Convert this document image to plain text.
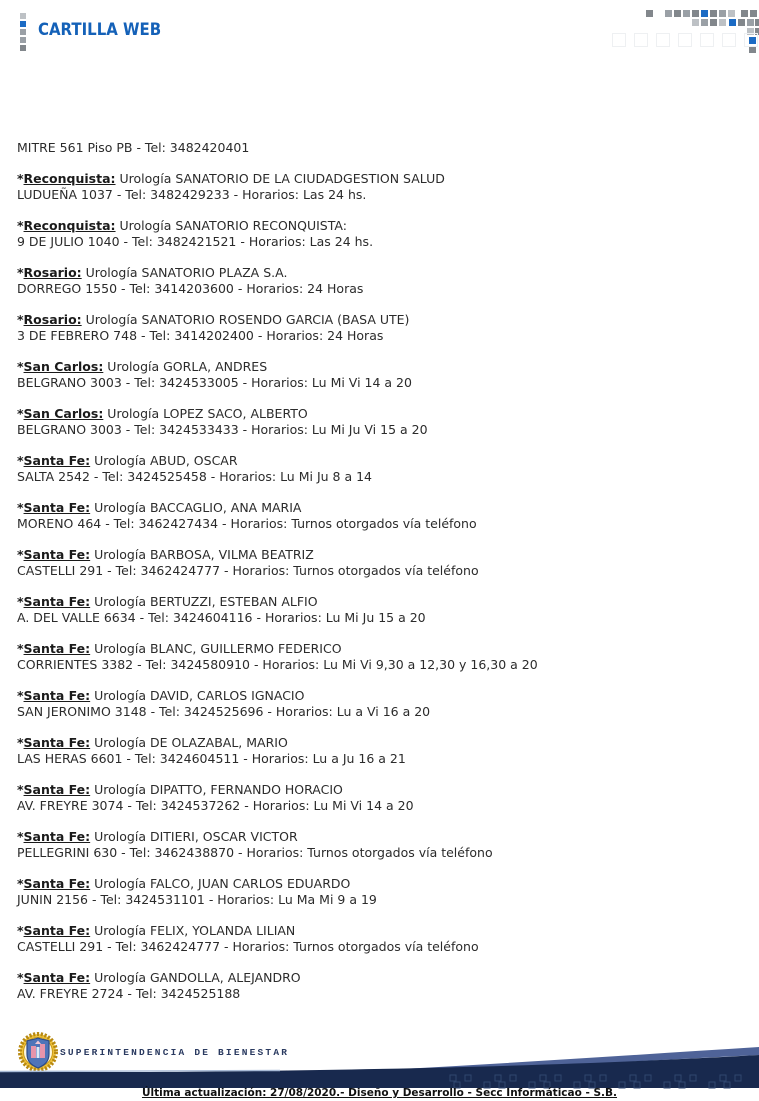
CARTILLA WEB

MITRE 561 Piso PB - Tel: 3482420401

*Reconquista: Urología SANATORIO DE LA CIUDADGESTION SALUD
LUDUEÑA 1037 - Tel: 3482429233 - Horarios: Las 24 hs.

*Reconquista: Urología SANATORIO RECONQUISTA:
9 DE JULIO 1040 - Tel: 3482421521 - Horarios: Las 24 hs.

*Rosario: Urología SANATORIO PLAZA S.A.
DORREGO 1550 - Tel: 3414203600 - Horarios: 24 Horas

*Rosario: Urología SANATORIO ROSENDO GARCIA (BASA UTE)
3 DE FEBRERO 748 - Tel: 3414202400 - Horarios: 24 Horas

*San Carlos: Urología GORLA, ANDRES
BELGRANO 3003 - Tel: 3424533005 - Horarios: Lu Mi Vi 14 a 20

*San Carlos: Urología LOPEZ SACO, ALBERTO
BELGRANO 3003 - Tel: 3424533433 - Horarios: Lu Mi Ju Vi 15 a 20

*Santa Fe: Urología ABUD, OSCAR
SALTA 2542 - Tel: 3424525458 - Horarios: Lu Mi Ju 8 a 14

*Santa Fe: Urología BACCAGLIO, ANA MARIA
MORENO 464 - Tel: 3462427434 - Horarios: Turnos otorgados vía teléfono

*Santa Fe: Urología BARBOSA, VILMA BEATRIZ
CASTELLI 291 - Tel: 3462424777 - Horarios: Turnos otorgados vía teléfono

*Santa Fe: Urología BERTUZZI, ESTEBAN ALFIO
A. DEL VALLE 6634 - Tel: 3424604116 - Horarios: Lu Mi Ju 15 a 20

*Santa Fe: Urología BLANC, GUILLERMO FEDERICO
CORRIENTES 3382 - Tel: 3424580910 - Horarios: Lu Mi Vi 9,30 a 12,30 y 16,30 a 20

*Santa Fe: Urología DAVID, CARLOS IGNACIO
SAN JERONIMO 3148 - Tel: 3424525696 - Horarios: Lu a Vi 16 a 20

*Santa Fe: Urología DE OLAZABAL, MARIO
LAS HERAS 6601 - Tel: 3424604511 - Horarios: Lu a Ju 16 a 21

*Santa Fe: Urología DIPATTO, FERNANDO HORACIO
AV. FREYRE 3074 - Tel: 3424537262 - Horarios: Lu Mi Vi 14 a 20

*Santa Fe: Urología DITIERI, OSCAR VICTOR
PELLEGRINI 630 - Tel: 3462438870 - Horarios: Turnos otorgados vía teléfono

*Santa Fe: Urología FALCO, JUAN CARLOS EDUARDO
JUNIN 2156 - Tel: 3424531101 - Horarios: Lu Ma Mi 9 a 19

*Santa Fe: Urología FELIX, YOLANDA LILIAN
CASTELLI 291 - Tel: 3462424777 - Horarios: Turnos otorgados vía teléfono

*Santa Fe: Urología GANDOLLA, ALEJANDRO
AV. FREYRE 2724 - Tel: 3424525188

SUPERINTENDENCIA DE BIENESTAR
Última actualización: 27/08/2020.- Diseño y Desarrollo - Secc Informáticao - S.B.
